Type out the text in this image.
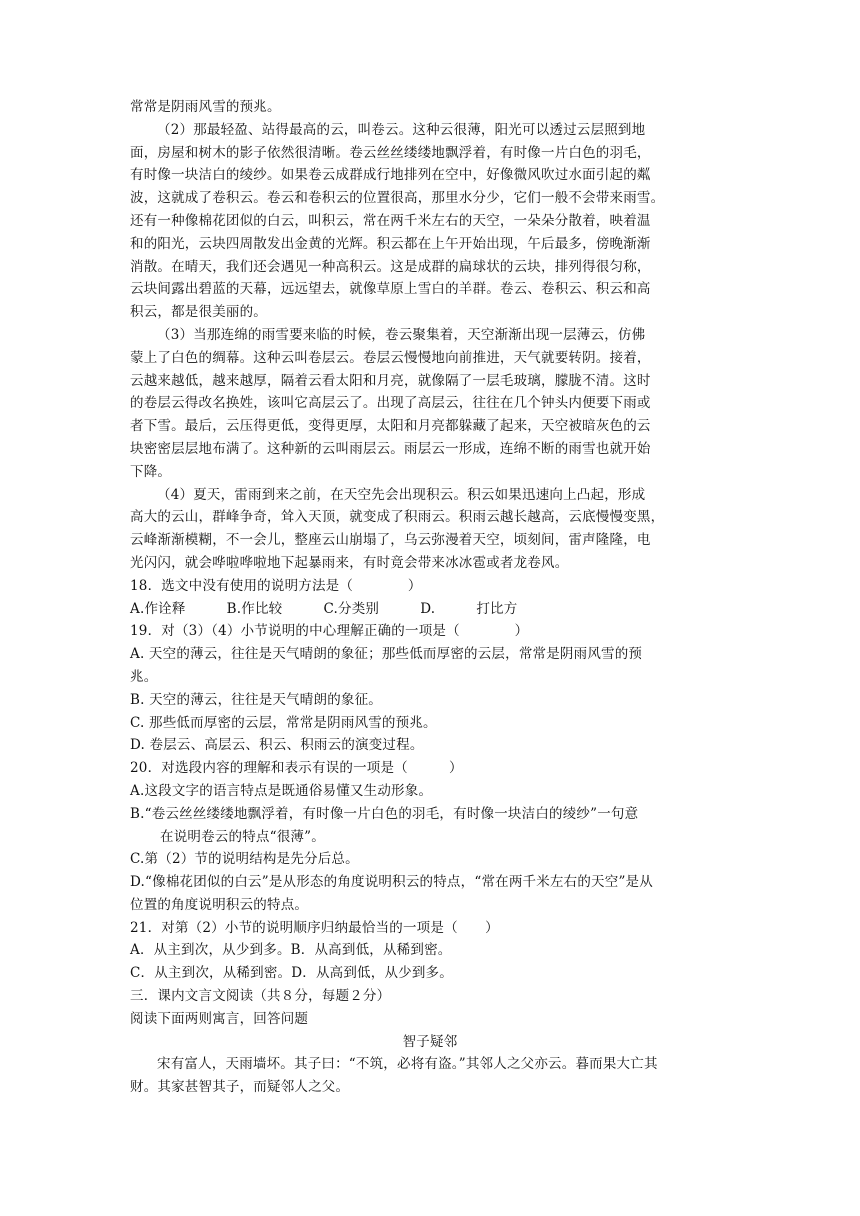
常常是阴雨风雪的预兆。
（2）那最轻盈、站得最高的云，叫卷云。这种云很薄，阳光可以透过云层照到地
面，房屋和树木的影子依然很清晰。卷云丝丝缕缕地飘浮着，有时像一片白色的羽毛，
有时像一块洁白的绫纱。如果卷云成群成行地排列在空中，好像微风吹过水面引起的粼
波，这就成了卷积云。卷云和卷积云的位置很高，那里水分少，它们一般不会带来雨雪。
还有一种像棉花团似的白云，叫积云，常在两千米左右的天空，一朵朵分散着，映着温
和的阳光，云块四周散发出金黄的光辉。积云都在上午开始出现，午后最多，傍晚渐渐
消散。在晴天，我们还会遇见一种高积云。这是成群的扁球状的云块，排列得很匀称，
云块间露出碧蓝的天幕，远远望去，就像草原上雪白的羊群。卷云、卷积云、积云和高
积云，都是很美丽的。
（3）当那连绵的雨雪要来临的时候，卷云聚集着，天空渐渐出现一层薄云，仿佛
蒙上了白色的绸幕。这种云叫卷层云。卷层云慢慢地向前推进，天气就要转阴。接着，
云越来越低，越来越厚，隔着云看太阳和月亮，就像隔了一层毛玻璃，朦胧不清。这时
的卷层云得改名换姓，该叫它高层云了。出现了高层云，往往在几个钟头内便要下雨或
者下雪。最后，云压得更低，变得更厚，太阳和月亮都躲藏了起来，天空被暗灰色的云
块密密层层地布满了。这种新的云叫雨层云。雨层云一形成，连绵不断的雨雪也就开始
下降。
（4）夏天，雷雨到来之前，在天空先会出现积云。积云如果迅速向上凸起，形成
高大的云山，群峰争奇，耸入天顶，就变成了积雨云。积雨云越长越高，云底慢慢变黑，
云峰渐渐模糊，不一会儿，整座云山崩塌了，乌云弥漫着天空，顷刻间，雷声隆隆，电
光闪闪，就会哗啦哗啦地下起暴雨来，有时竟会带来冰冰雹或者龙卷风。
18．选文中没有使用的说明方法是（　　　　）
A.作诠释　　　B.作比较　　　C.分类别　　　D.　　　打比方
19．对（3）（4）小节说明的中心理解正确的一项是（　　　　）
A. 天空的薄云，往往是天气晴朗的象征；那些低而厚密的云层，常常是阴雨风雪的预
兆。
B. 天空的薄云，往往是天气晴朗的象征。
C. 那些低而厚密的云层，常常是阴雨风雪的预兆。
D. 卷层云、高层云、积云、积雨云的演变过程。
20．对选段内容的理解和表示有误的一项是（　　　）
A.这段文字的语言特点是既通俗易懂又生动形象。
B.“卷云丝丝缕缕地飘浮着，有时像一片白色的羽毛，有时像一块洁白的绫纱”一句意
在说明卷云的特点“很薄”。
C.第（2）节的说明结构是先分后总。
D.“像棉花团似的白云”是从形态的角度说明积云的特点，“常在两千米左右的天空”是从
位置的角度说明积云的特点。
21．对第（2）小节的说明顺序归纳最恰当的一项是（　　）
A．从主到次，从少到多。B．从高到低，从稀到密。
C．从主到次，从稀到密。D．从高到低，从少到多。
三．课内文言文阅读（共８分，每题２分）
阅读下面两则寓言，回答问题
智子疑邻
宋有富人，天雨墙坏。其子曰：“不筑，必将有盗。”其邻人之父亦云。暮而果大亡其
财。其家甚智其子，而疑邻人之父。
